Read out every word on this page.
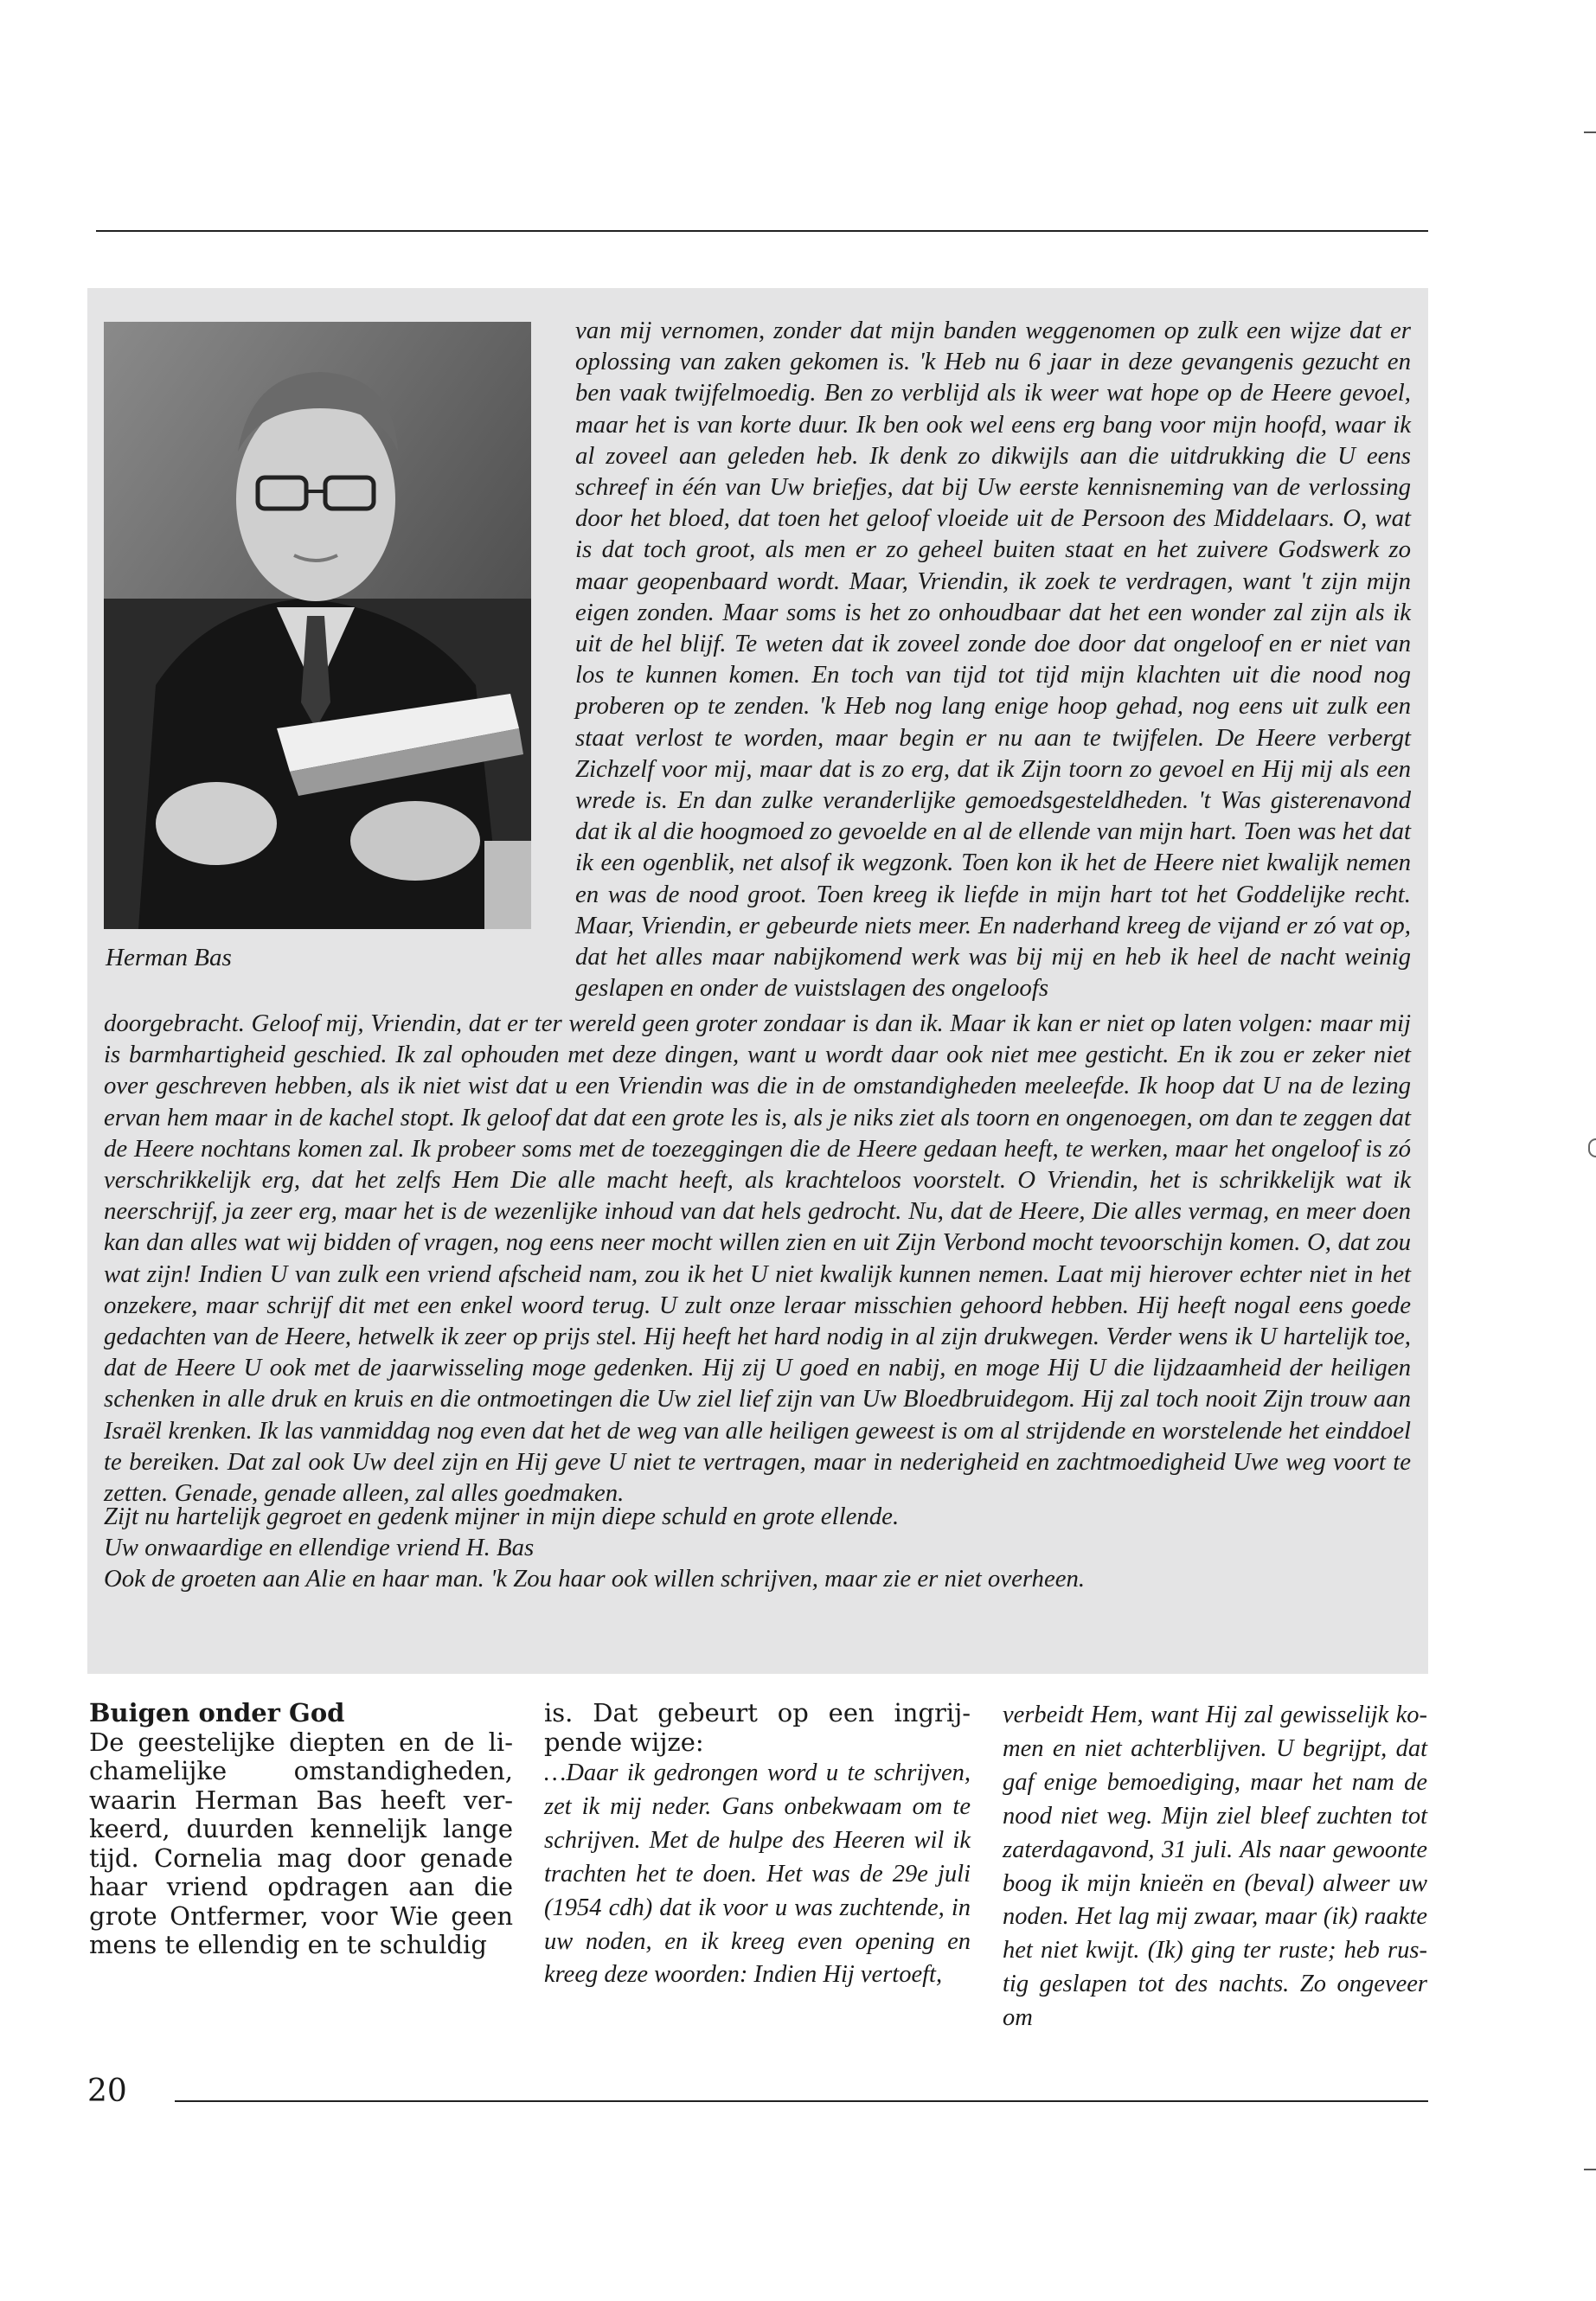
Herman Bas

van mij vernomen, zonder dat mijn banden weggenomen op zulk een wijze dat er oplossing van zaken gekomen is. 'k Heb nu 6 jaar in deze gevangenis gezucht en ben vaak twijfelmoedig. Ben zo verblijd als ik weer wat hope op de Heere gevoel, maar het is van korte duur. Ik ben ook wel eens erg bang voor mijn hoofd, waar ik al zoveel aan geleden heb. Ik denk zo dikwijls aan die uitdrukking die U eens schreef in één van Uw briefjes, dat bij Uw eerste kennisneming van de verlossing door het bloed, dat toen het geloof vloeide uit de Persoon des Middelaars. O, wat is dat toch groot, als men er zo geheel buiten staat en het zuivere Godswerk zo maar geopenbaard wordt. Maar, Vriendin, ik zoek te verdragen, want 't zijn mijn eigen zonden. Maar soms is het zo onhoudbaar dat het een wonder zal zijn als ik uit de hel blijf. Te weten dat ik zoveel zonde doe door dat ongeloof en er niet van los te kunnen komen. En toch van tijd tot tijd mijn klachten uit die nood nog proberen op te zenden. 'k Heb nog lang enige hoop gehad, nog eens uit zulk een staat verlost te worden, maar begin er nu aan te twijfelen. De Heere verbergt Zichzelf voor mij, maar dat is zo erg, dat ik Zijn toorn zo gevoel en Hij mij als een wrede is. En dan zulke veranderlijke gemoedsgesteldheden. 't Was gisterenavond dat ik al die hoogmoed zo gevoelde en al de ellende van mijn hart. Toen was het dat ik een ogenblik, net alsof ik wegzonk. Toen kon ik het de Heere niet kwalijk nemen en was de nood groot. Toen kreeg ik liefde in mijn hart tot het Goddelijke recht. Maar, Vriendin, er gebeurde niets meer. En naderhand kreeg de vijand er zó vat op, dat het alles maar nabijkomend werk was bij mij en heb ik heel de nacht weinig geslapen en onder de vuistslagen des ongeloofs

doorgebracht. Geloof mij, Vriendin, dat er ter wereld geen groter zondaar is dan ik. Maar ik kan er niet op laten volgen: maar mij is barmhartigheid geschied. Ik zal ophouden met deze dingen, want u wordt daar ook niet mee gesticht. En ik zou er zeker niet over geschreven hebben, als ik niet wist dat u een Vriendin was die in de omstandigheden meeleefde. Ik hoop dat U na de lezing ervan hem maar in de kachel stopt. Ik geloof dat dat een grote les is, als je niks ziet als toorn en ongenoegen, om dan te zeggen dat de Heere nochtans komen zal. Ik probeer soms met de toezeggingen die de Heere gedaan heeft, te werken, maar het ongeloof is zó verschrikkelijk erg, dat het zelfs Hem Die alle macht heeft, als krachteloos voorstelt. O Vriendin, het is schrikkelijk wat ik neerschrijf, ja zeer erg, maar het is de wezenlijke inhoud van dat hels gedrocht. Nu, dat de Heere, Die alles vermag, en meer doen kan dan alles wat wij bidden of vragen, nog eens neer mocht willen zien en uit Zijn Verbond mocht tevoorschijn komen. O, dat zou wat zijn! Indien U van zulk een vriend afscheid nam, zou ik het U niet kwalijk kunnen nemen. Laat mij hierover echter niet in het onzekere, maar schrijf dit met een enkel woord terug. U zult onze leraar misschien gehoord hebben. Hij heeft nogal eens goede gedachten van de Heere, hetwelk ik zeer op prijs stel. Hij heeft het hard nodig in al zijn drukwegen. Verder wens ik U hartelijk toe, dat de Heere U ook met de jaarwisseling moge gedenken. Hij zij U goed en nabij, en moge Hij U die lijdzaamheid der heiligen schenken in alle druk en kruis en die ontmoetingen die Uw ziel lief zijn van Uw Bloedbruidegom. Hij zal toch nooit Zijn trouw aan Israël krenken. Ik las vanmiddag nog even dat het de weg van alle heiligen geweest is om al strijdende en worstelende het einddoel te bereiken. Dat zal ook Uw deel zijn en Hij geve U niet te vertragen, maar in nederigheid en zachtmoedigheid Uwe weg voort te zetten. Genade, genade alleen, zal alles goedmaken.

Zijt nu hartelijk gegroet en gedenk mijner in mijn diepe schuld en grote ellende.
Uw onwaardige en ellendige vriend H. Bas
Ook de groeten aan Alie en haar man. 'k Zou haar ook willen schrijven, maar zie er niet overheen.
Buigen onder God

De geestelijke diepten en de lichamelijke omstandigheden, waarin Herman Bas heeft verkeerd, duurden kennelijk lange tijd. Cornelia mag door genade haar vriend opdragen aan die grote Ontfermer, voor Wie geen mens te ellendig en te schuldig

is. Dat gebeurt op een ingrijpende wijze:

…Daar ik gedrongen word u te schrijven, zet ik mij neder. Gans onbekwaam om te schrijven. Met de hulpe des Heeren wil ik trachten het te doen. Het was de 29e juli (1954 cdh) dat ik voor u was zuchtende, in uw noden, en ik kreeg even opening en kreeg deze woorden: Indien Hij vertoeft,

verbeidt Hem, want Hij zal gewisselijk komen en niet achterblijven. U begrijpt, dat gaf enige bemoediging, maar het nam de nood niet weg. Mijn ziel bleef zuchten tot zaterdagavond, 31 juli. Als naar gewoonte boog ik mijn knieën en (beval) alweer uw noden. Het lag mij zwaar, maar (ik) raakte het niet kwijt. (Ik) ging ter ruste; heb rustig geslapen tot des nachts. Zo ongeveer om

20
